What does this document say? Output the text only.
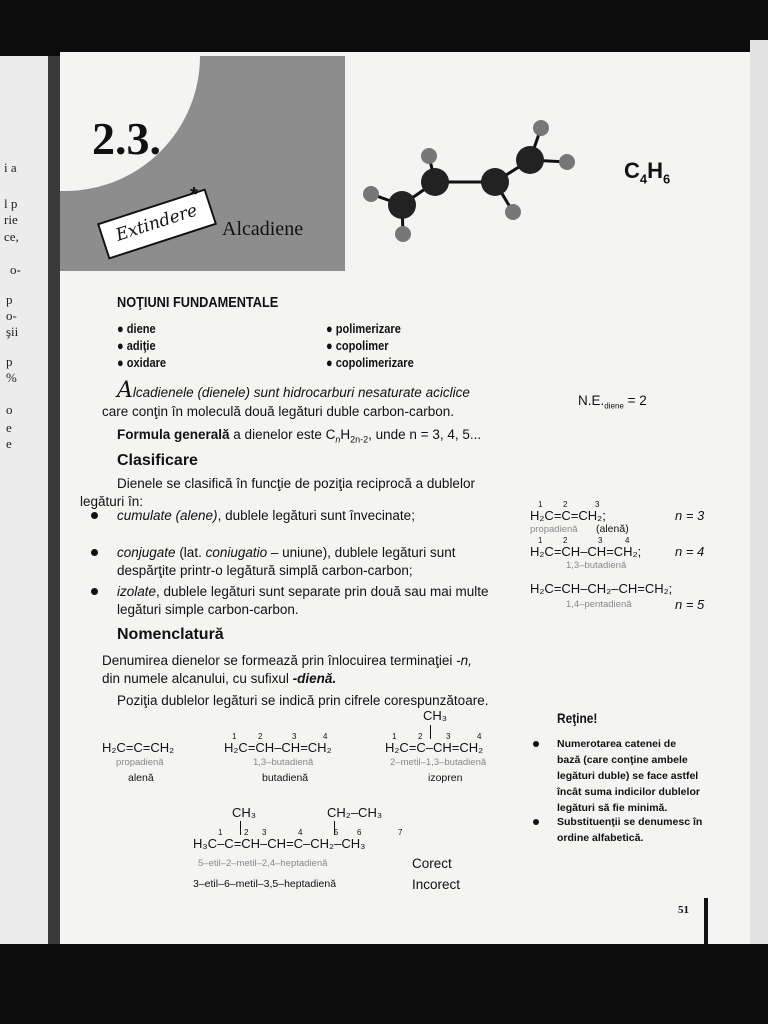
i a
l p
rie
ce,
o-
p
o-
şii
p
%
o
e
e
2.3.
Extindere
*
Alcadiene
$C_4H_6$
NOŢIUNI FUNDAMENTALE
● diene
● adiţie
● oxidare
● polimerizare
● copolimer
● copolimerizare
Alcadienele (dienele) sunt hidrocarburi nesaturate aciclice
care conţin în moleculă două legături duble carbon-carbon.
$N.E._{diene} = 2$
Formula generală a dienelor este $C_nH_{2n-2}$, unde n = 3, 4, 5...
Clasificare
Dienele se clasifică în funcţie de poziţia reciprocă a dublelor
legături în:
cumulate (alene), dublele legături sunt învecinate;
conjugate (lat. coniugatio – uniune), dublele legături sunt
despărţite printr-o legătură simplă carbon-carbon;
izolate, dublele legături sunt separate prin două sau mai multe
legături simple carbon-carbon.
1	2	3
H₂C=C=CH₂;
propadienă (alenă)
n = 3
1	2	3	4
H₂C=CH–CH=CH₂;
1,3–butadienă
n = 4
H₂C=CH–CH₂–CH=CH₂;
1,4–pentadienă	n = 5
Nomenclatură
Denumirea dienelor se formează prin înlocuirea terminaţiei -n,
din numele alcanului, cu sufixul -dienă.
Poziţia dublelor legături se indică prin cifrele corespunzătoare.
H₂C=C=CH₂
propadienă
alenă
1	2	3	4
H₂C=CH–CH=CH₂
1,3–butadienă
butadienă
CH₃
1	2	3	4
H₂C=C–CH=CH₂
2–metil–1,3–butadienă
izopren
CH₃	CH₂–CH₃
1	2 3	4	5 6	7
H₃C–C=CH–CH=C–CH₂–CH₃
5–etil–2–metil–2,4–heptadienă	Corect
3–etil–6–metil–3,5–heptadienă	Incorect
Reţine!
Numerotarea catenei de
bază (care conţine ambele
legături duble) se face astfel
încât suma indicilor dublelor
legături să fie minimă.
Substituenţii se denumesc în
ordine alfabetică.
51
